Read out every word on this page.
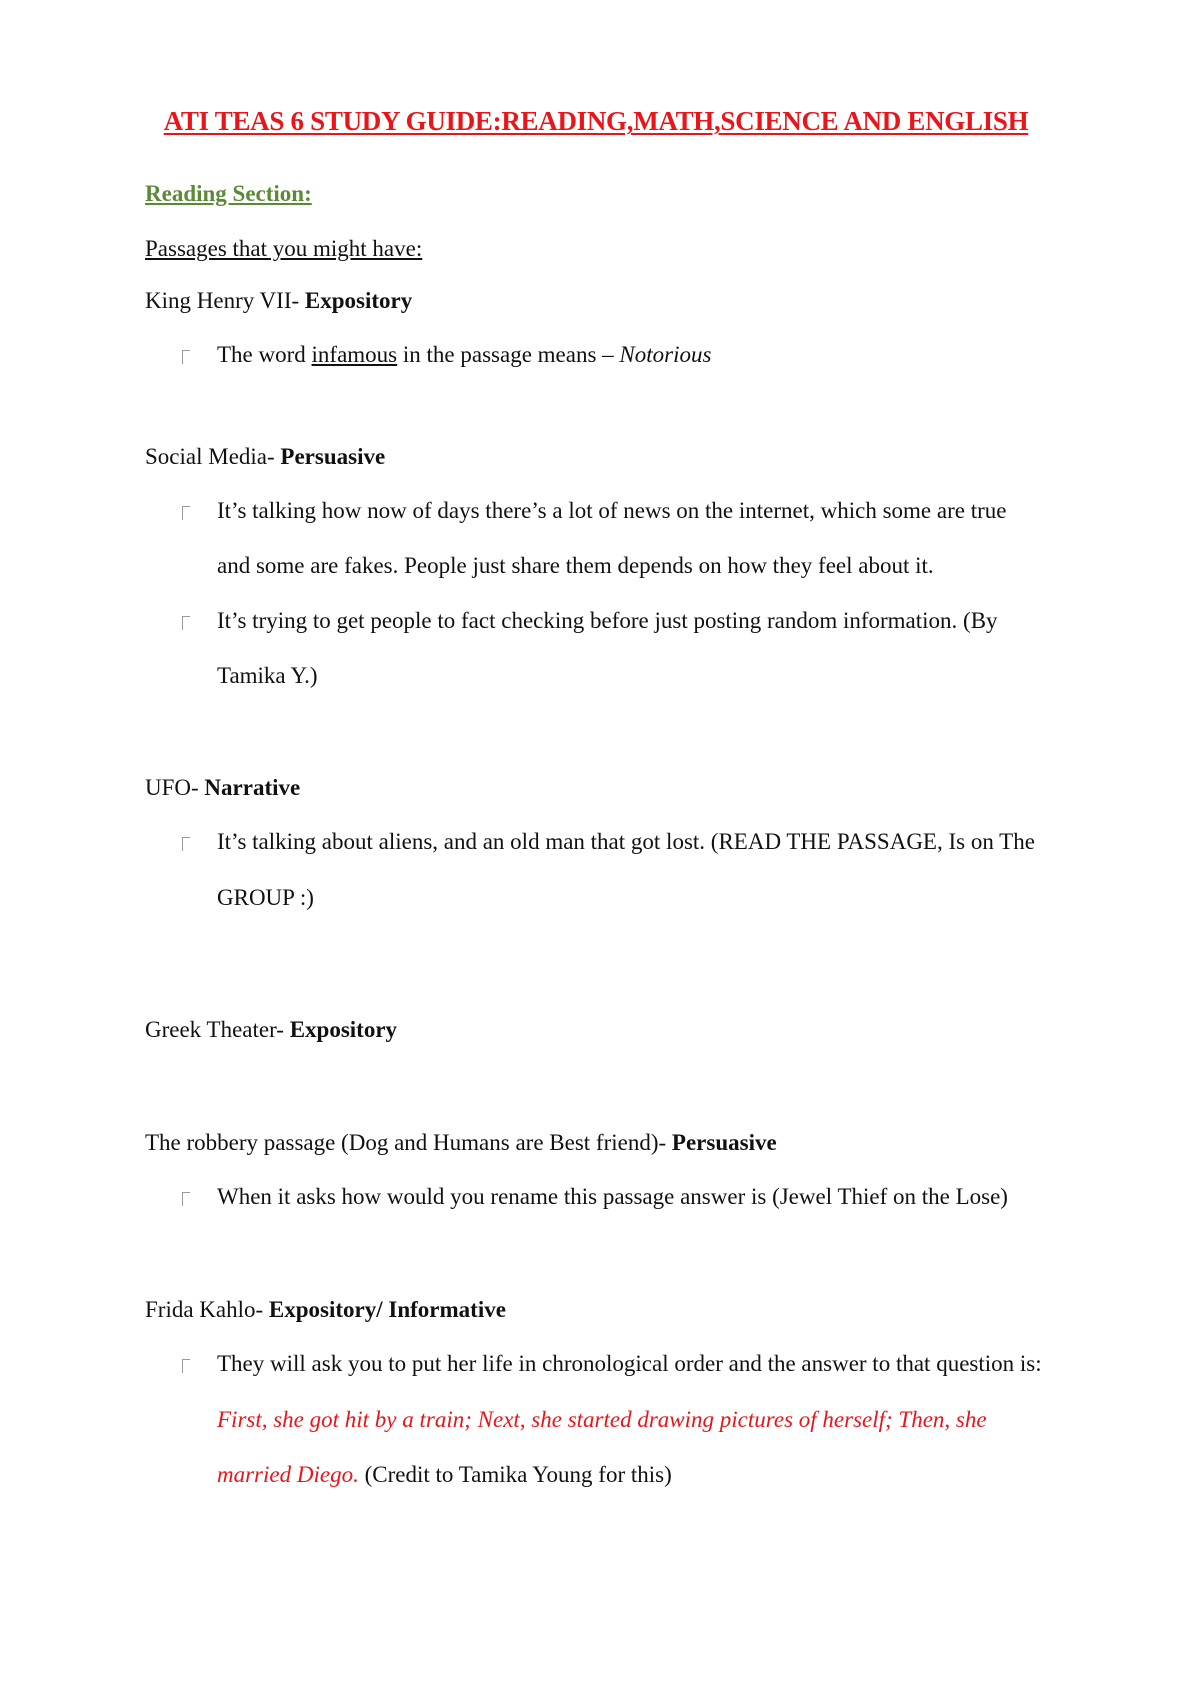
ATI TEAS 6 STUDY GUIDE:READING,MATH,SCIENCE AND ENGLISH
Reading Section:
Passages that you might have:
King Henry VII- Expository
The word infamous in the passage means – Notorious
Social Media- Persuasive
It’s talking how now of days there’s a lot of news on the internet, which some are true
and some are fakes. People just share them depends on how they feel about it.
It’s trying to get people to fact checking before just posting random information. (By
Tamika Y.)
UFO- Narrative
It’s talking about aliens, and an old man that got lost. (READ THE PASSAGE, Is on The
GROUP :)
Greek Theater- Expository
The robbery passage (Dog and Humans are Best friend)- Persuasive
When it asks how would you rename this passage answer is (Jewel Thief on the Lose)
Frida Kahlo- Expository/ Informative
They will ask you to put her life in chronological order and the answer to that question is:
First, she got hit by a train; Next, she started drawing pictures of herself; Then, she
married Diego. (Credit to Tamika Young for this)
